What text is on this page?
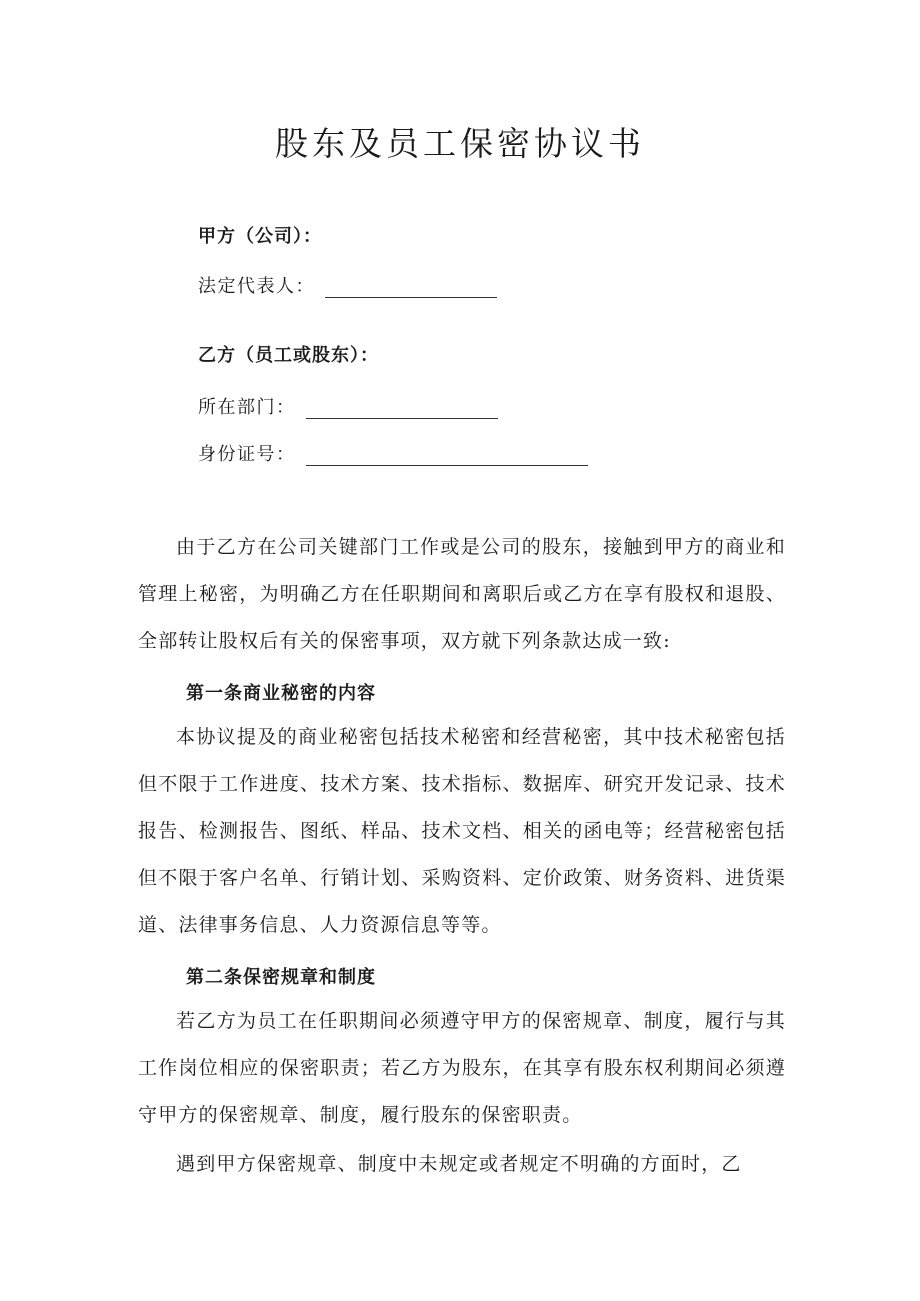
股东及员工保密协议书
甲方（公司）：
法定代表人：
乙方（员工或股东）：
所在部门：
身份证号：

由于乙方在公司关键部门工作或是公司的股东，接触到甲方的商业和管理上秘密，为明确乙方在任职期间和离职后或乙方在享有股权和退股、全部转让股权后有关的保密事项，双方就下列条款达成一致:

第一条商业秘密的内容

本协议提及的商业秘密包括技术秘密和经营秘密，其中技术秘密包括但不限于工作进度、技术方案、技术指标、数据库、研究开发记录、技术报告、检测报告、图纸、样品、技术文档、相关的函电等；经营秘密包括但不限于客户名单、行销计划、采购资料、定价政策、财务资料、进货渠道、法律事务信息、人力资源信息等等。

第二条保密规章和制度

若乙方为员工在任职期间必须遵守甲方的保密规章、制度，履行与其工作岗位相应的保密职责；若乙方为股东，在其享有股东权利期间必须遵守甲方的保密规章、制度，履行股东的保密职责。

遇到甲方保密规章、制度中未规定或者规定不明确的方面时，乙
